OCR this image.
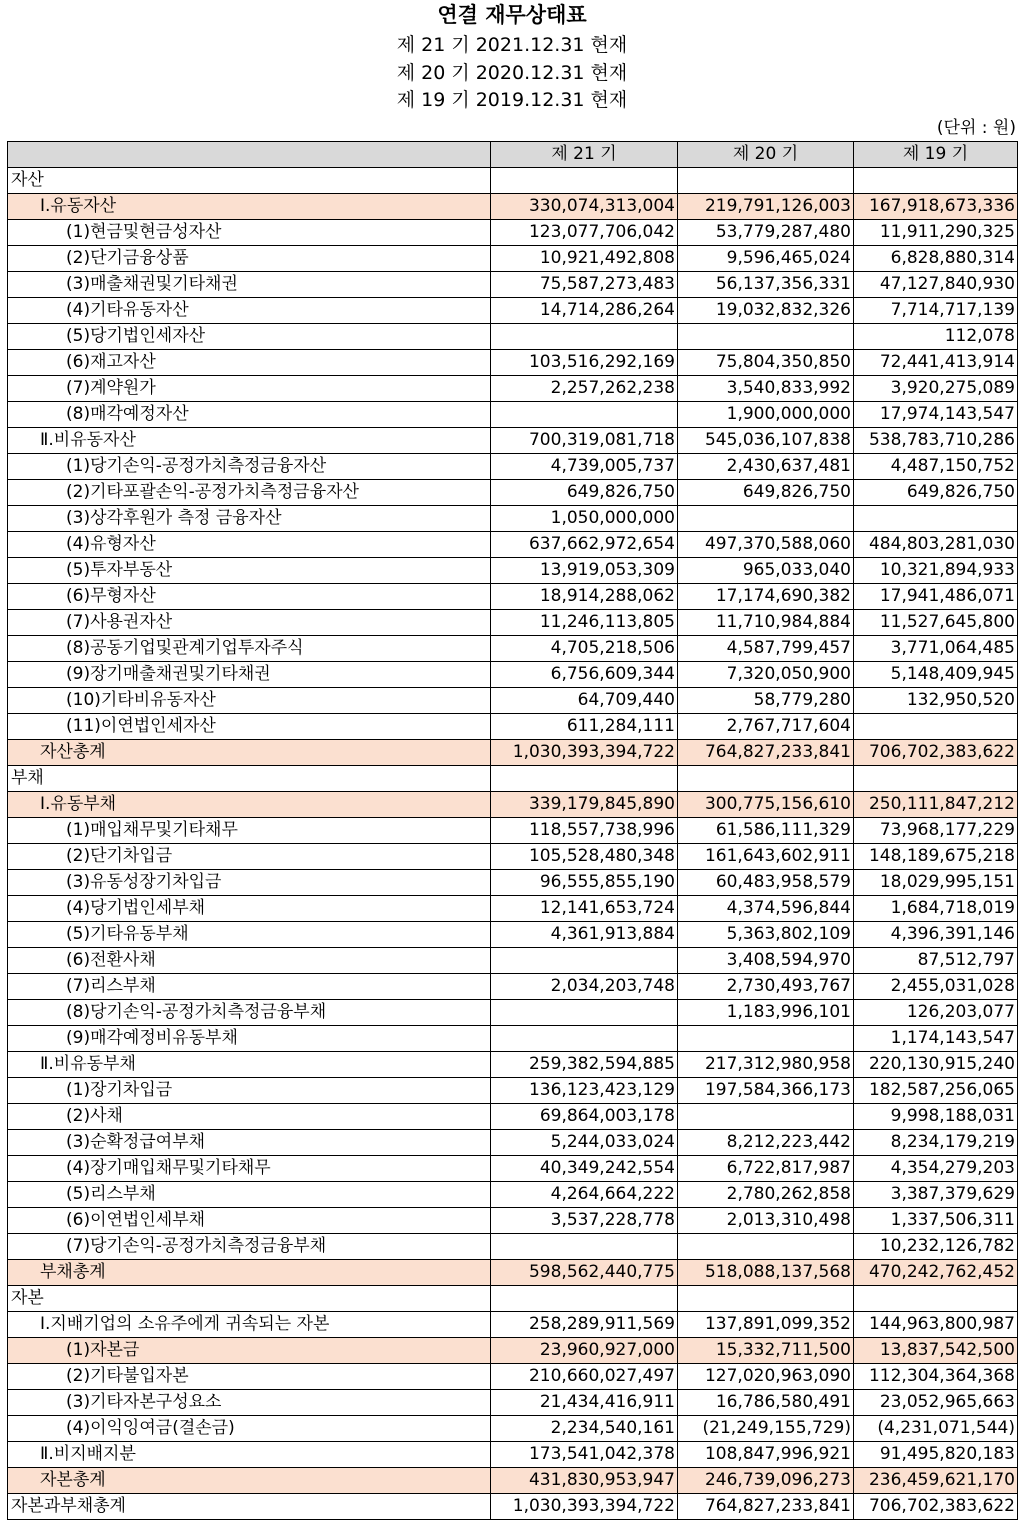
연결 재무상태표
제 21 기 2021.12.31 현재
제 20 기 2020.12.31 현재
제 19 기 2019.12.31 현재
(단위 : 원)
	제 21 기	제 20 기	제 19 기
자산			
Ⅰ.유동자산	330,074,313,004	219,791,126,003	167,918,673,336
(1)현금및현금성자산	123,077,706,042	53,779,287,480	11,911,290,325
(2)단기금융상품	10,921,492,808	9,596,465,024	6,828,880,314
(3)매출채권및기타채권	75,587,273,483	56,137,356,331	47,127,840,930
(4)기타유동자산	14,714,286,264	19,032,832,326	7,714,717,139
(5)당기법인세자산			112,078
(6)재고자산	103,516,292,169	75,804,350,850	72,441,413,914
(7)계약원가	2,257,262,238	3,540,833,992	3,920,275,089
(8)매각예정자산		1,900,000,000	17,974,143,547
Ⅱ.비유동자산	700,319,081,718	545,036,107,838	538,783,710,286
(1)당기손익-공정가치측정금융자산	4,739,005,737	2,430,637,481	4,487,150,752
(2)기타포괄손익-공정가치측정금융자산	649,826,750	649,826,750	649,826,750
(3)상각후원가 측정 금융자산	1,050,000,000		
(4)유형자산	637,662,972,654	497,370,588,060	484,803,281,030
(5)투자부동산	13,919,053,309	965,033,040	10,321,894,933
(6)무형자산	18,914,288,062	17,174,690,382	17,941,486,071
(7)사용권자산	11,246,113,805	11,710,984,884	11,527,645,800
(8)공동기업및관계기업투자주식	4,705,218,506	4,587,799,457	3,771,064,485
(9)장기매출채권및기타채권	6,756,609,344	7,320,050,900	5,148,409,945
(10)기타비유동자산	64,709,440	58,779,280	132,950,520
(11)이연법인세자산	611,284,111	2,767,717,604	
자산총계	1,030,393,394,722	764,827,233,841	706,702,383,622
부채			
Ⅰ.유동부채	339,179,845,890	300,775,156,610	250,111,847,212
(1)매입채무및기타채무	118,557,738,996	61,586,111,329	73,968,177,229
(2)단기차입금	105,528,480,348	161,643,602,911	148,189,675,218
(3)유동성장기차입금	96,555,855,190	60,483,958,579	18,029,995,151
(4)당기법인세부채	12,141,653,724	4,374,596,844	1,684,718,019
(5)기타유동부채	4,361,913,884	5,363,802,109	4,396,391,146
(6)전환사채		3,408,594,970	87,512,797
(7)리스부채	2,034,203,748	2,730,493,767	2,455,031,028
(8)당기손익-공정가치측정금융부채		1,183,996,101	126,203,077
(9)매각예정비유동부채			1,174,143,547
Ⅱ.비유동부채	259,382,594,885	217,312,980,958	220,130,915,240
(1)장기차입금	136,123,423,129	197,584,366,173	182,587,256,065
(2)사채	69,864,003,178		9,998,188,031
(3)순확정급여부채	5,244,033,024	8,212,223,442	8,234,179,219
(4)장기매입채무및기타채무	40,349,242,554	6,722,817,987	4,354,279,203
(5)리스부채	4,264,664,222	2,780,262,858	3,387,379,629
(6)이연법인세부채	3,537,228,778	2,013,310,498	1,337,506,311
(7)당기손익-공정가치측정금융부채			10,232,126,782
부채총계	598,562,440,775	518,088,137,568	470,242,762,452
자본			
Ⅰ.지배기업의 소유주에게 귀속되는 자본	258,289,911,569	137,891,099,352	144,963,800,987
(1)자본금	23,960,927,000	15,332,711,500	13,837,542,500
(2)기타불입자본	210,660,027,497	127,020,963,090	112,304,364,368
(3)기타자본구성요소	21,434,416,911	16,786,580,491	23,052,965,663
(4)이익잉여금(결손금)	2,234,540,161	(21,249,155,729)	(4,231,071,544)
Ⅱ.비지배지분	173,541,042,378	108,847,996,921	91,495,820,183
자본총계	431,830,953,947	246,739,096,273	236,459,621,170
자본과부채총계	1,030,393,394,722	764,827,233,841	706,702,383,622
